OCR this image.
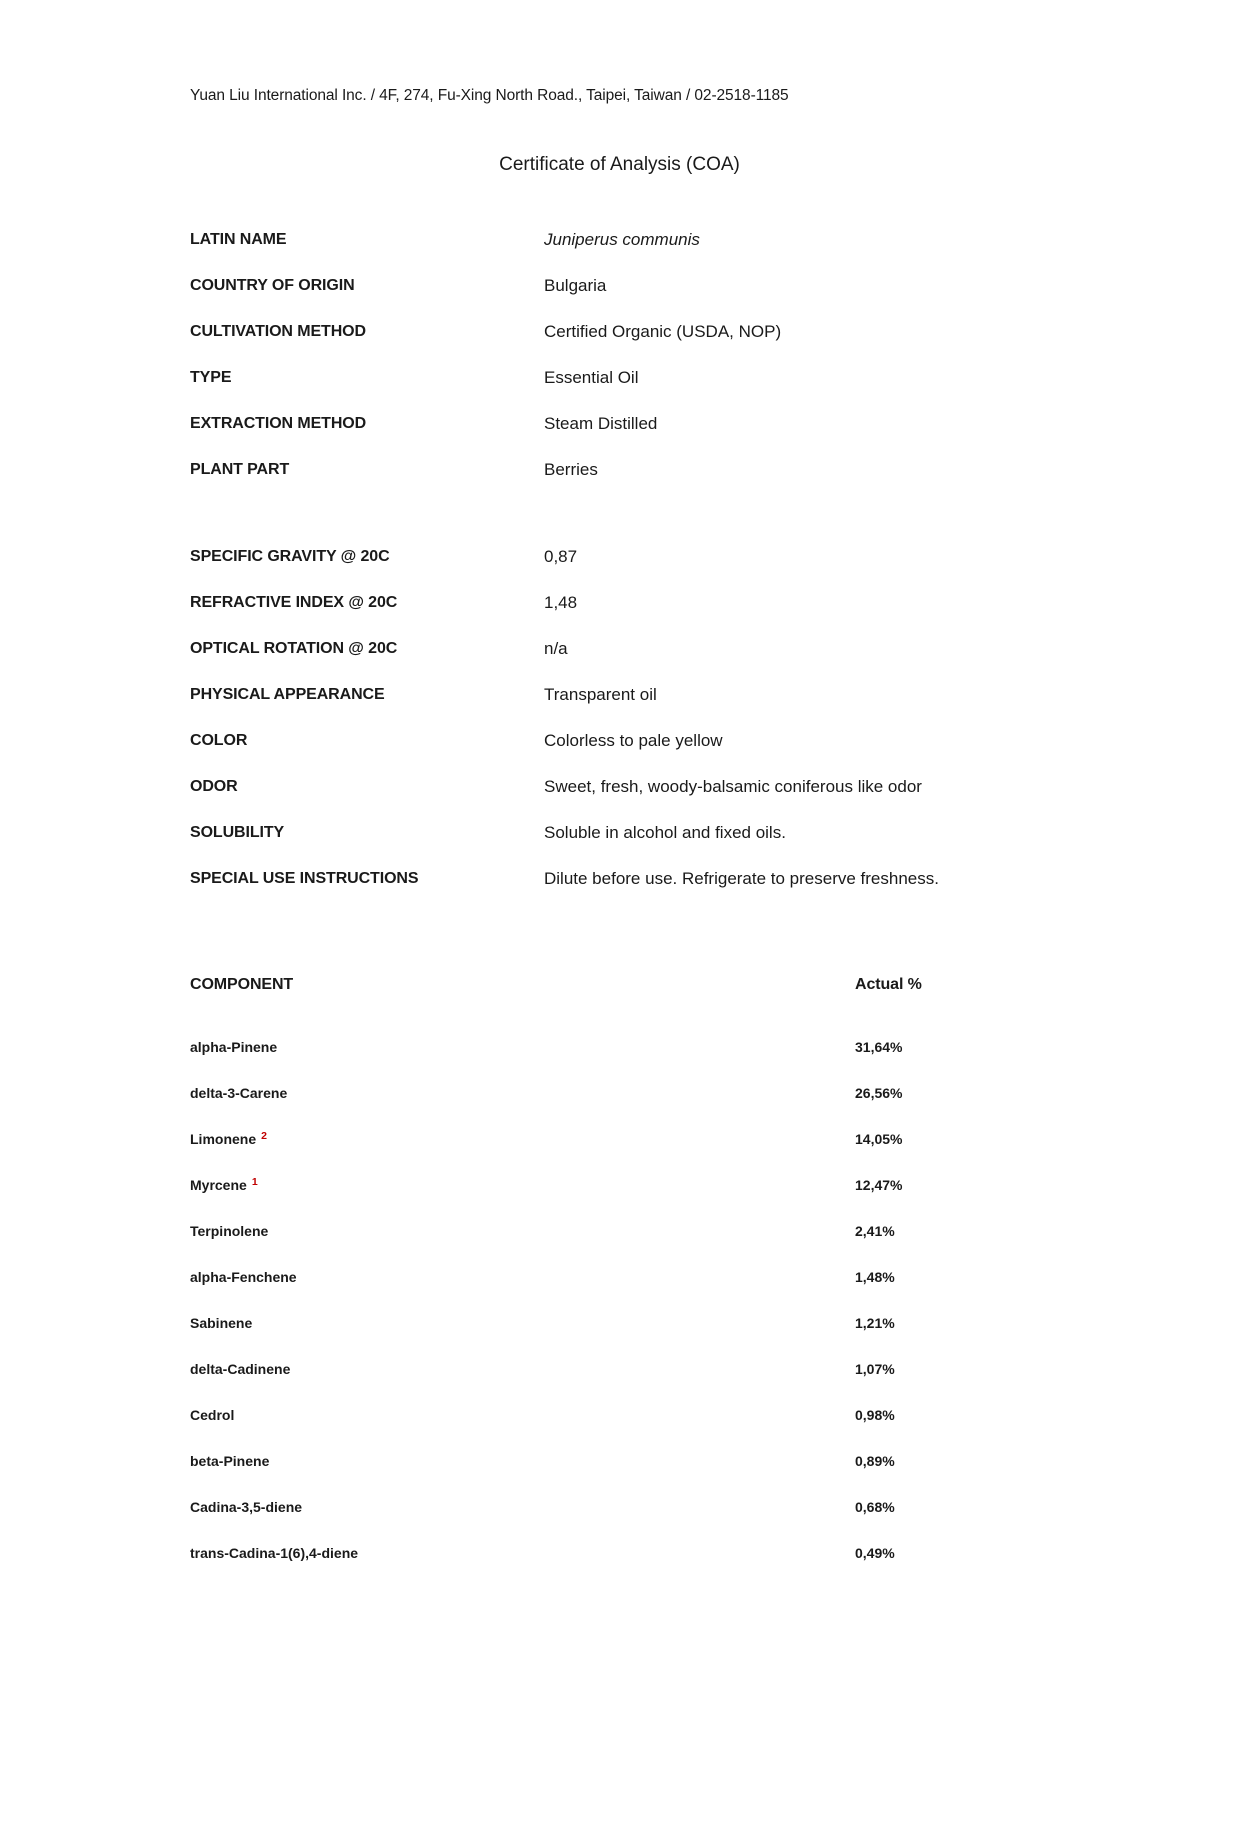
Yuan Liu International Inc. / 4F, 274, Fu-Xing North Road., Taipei, Taiwan / 02-2518-1185
Certificate of Analysis (COA)
LATIN NAME	Juniperus communis
COUNTRY OF ORIGIN	Bulgaria
CULTIVATION METHOD	Certified Organic (USDA, NOP)
TYPE	Essential Oil
EXTRACTION METHOD	Steam Distilled
PLANT PART	Berries
SPECIFIC GRAVITY @ 20C	0,87
REFRACTIVE INDEX @ 20C	1,48
OPTICAL ROTATION @ 20C	n/a
PHYSICAL APPEARANCE	Transparent oil
COLOR	Colorless to pale yellow
ODOR	Sweet, fresh, woody-balsamic coniferous like odor
SOLUBILITY	Soluble in alcohol and fixed oils.
SPECIAL USE INSTRUCTIONS	Dilute before use. Refrigerate to preserve freshness.
COMPONENT	Actual %
alpha-Pinene	31,64%
delta-3-Carene	26,56%
Limonene $^2$	14,05%
Myrcene $^1$	12,47%
Terpinolene	2,41%
alpha-Fenchene	1,48%
Sabinene	1,21%
delta-Cadinene	1,07%
Cedrol	0,98%
beta-Pinene	0,89%
Cadina-3,5-diene	0,68%
trans-Cadina-1(6),4-diene	0,49%
